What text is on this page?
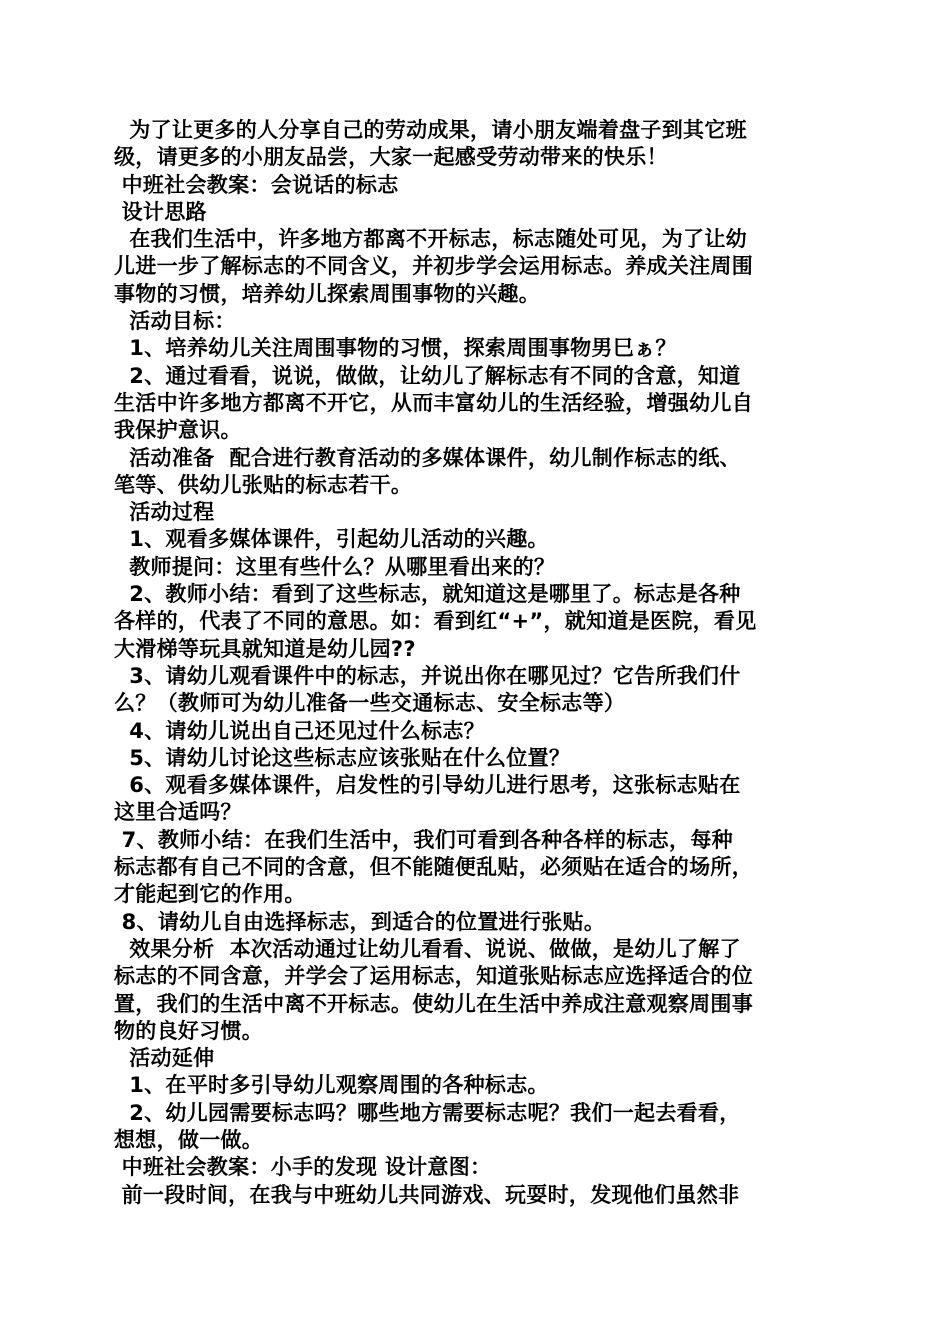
为了让更多的人分享自己的劳动成果，请小朋友端着盘子到其它班
级，请更多的小朋友品尝，大家一起感受劳动带来的快乐！
中班社会教案：会说话的标志
设计思路
在我们生活中，许多地方都离不开标志，标志随处可见，为了让幼
儿进一步了解标志的不同含义，并初步学会运用标志。养成关注周围
事物的习惯，培养幼儿探索周围事物的兴趣。
活动目标：
1、培养幼儿关注周围事物的习惯，探索周围事物男巳ぁ？
2、通过看看，说说，做做，让幼儿了解标志有不同的含意，知道
生活中许多地方都离不开它，从而丰富幼儿的生活经验，增强幼儿自
我保护意识。
活动准备  配合进行教育活动的多媒体课件，幼儿制作标志的纸、
笔等、供幼儿张贴的标志若干。
活动过程
1、观看多媒体课件，引起幼儿活动的兴趣。
教师提问：这里有些什么？从哪里看出来的？
2、教师小结：看到了这些标志，就知道这是哪里了。标志是各种
各样的，代表了不同的意思。如：看到红“+”，就知道是医院，看见
大滑梯等玩具就知道是幼儿园??
3、请幼儿观看课件中的标志，并说出你在哪见过？它告所我们什
么？（教师可为幼儿准备一些交通标志、安全标志等）
4、请幼儿说出自己还见过什么标志？
5、请幼儿讨论这些标志应该张贴在什么位置？
6、观看多媒体课件，启发性的引导幼儿进行思考，这张标志贴在
这里合适吗？
7、教师小结：在我们生活中，我们可看到各种各样的标志，每种
标志都有自己不同的含意，但不能随便乱贴，必须贴在适合的场所，
才能起到它的作用。
8、请幼儿自由选择标志，到适合的位置进行张贴。
效果分析  本次活动通过让幼儿看看、说说、做做，是幼儿了解了
标志的不同含意，并学会了运用标志，知道张贴标志应选择适合的位
置，我们的生活中离不开标志。使幼儿在生活中养成注意观察周围事
物的良好习惯。
活动延伸
1、在平时多引导幼儿观察周围的各种标志。
2、幼儿园需要标志吗？哪些地方需要标志呢？我们一起去看看，
想想，做一做。
中班社会教案：小手的发现 设计意图：
前一段时间，在我与中班幼儿共同游戏、玩耍时，发现他们虽然非
